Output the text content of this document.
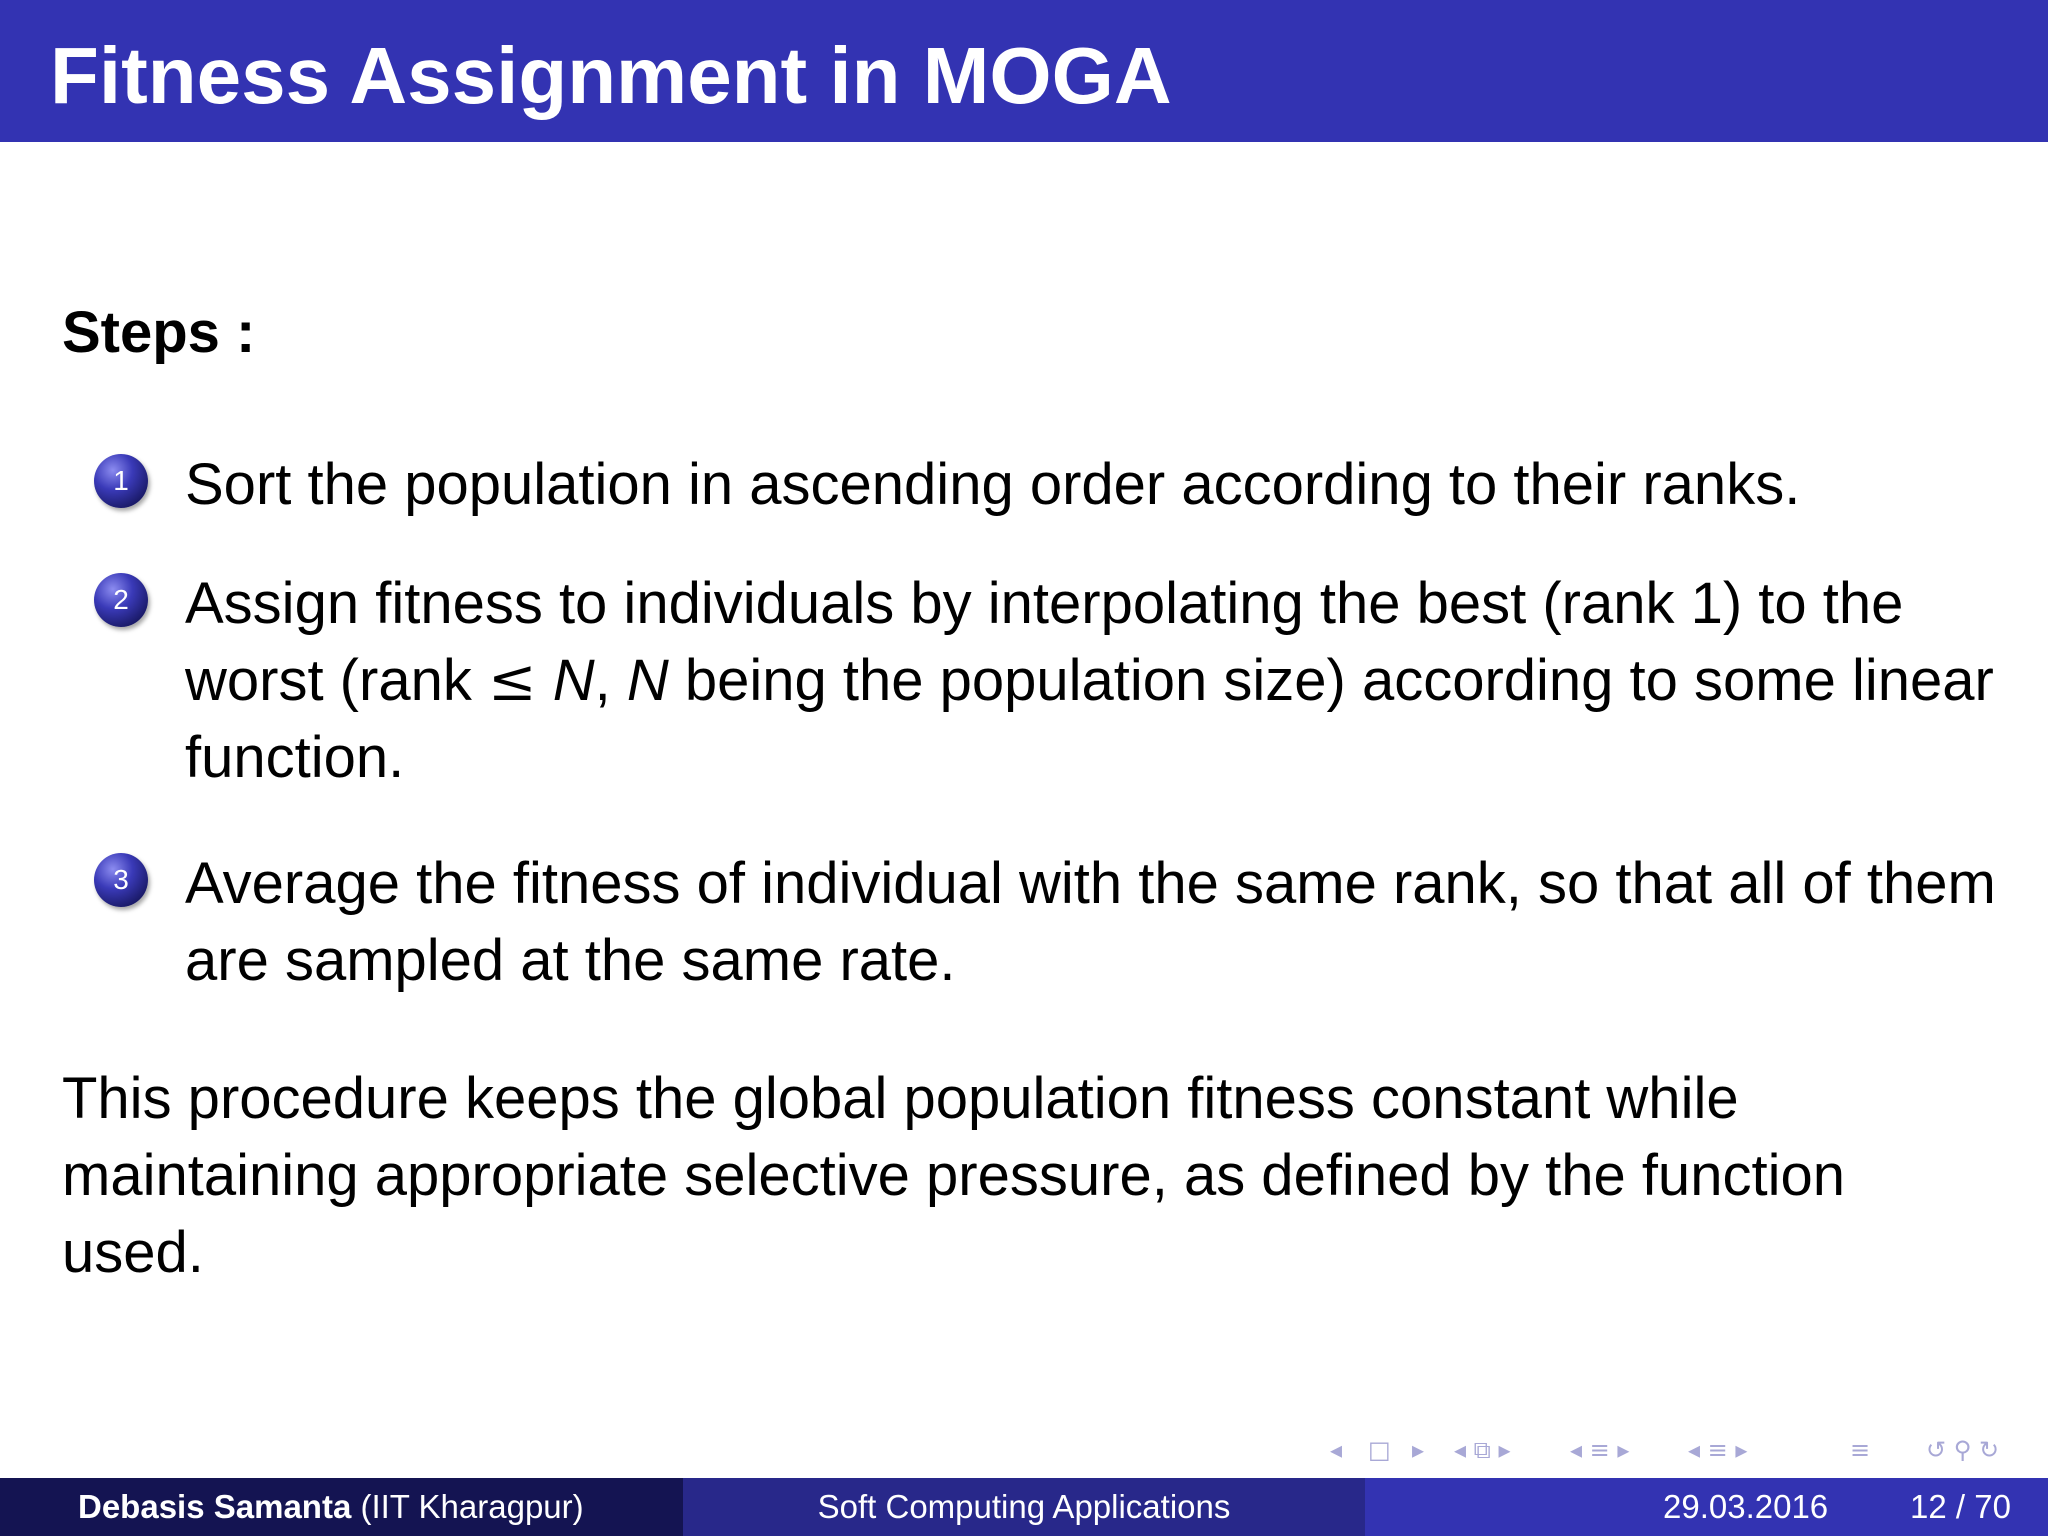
Fitness Assignment in MOGA
Steps :
1 Sort the population in ascending order according to their ranks.
2 Assign fitness to individuals by interpolating the best (rank 1) to the worst (rank ≤ N, N being the population size) according to some linear function.
3 Average the fitness of individual with the same rank, so that all of them are sampled at the same rate.
This procedure keeps the global population fitness constant while maintaining appropriate selective pressure, as defined by the function used.
◂ □ ▸ ◂ ⧉ ▸ ◂ ≡ ▸ ◂ ≡ ▸	≡ ↺ ⚲ ↻
Debasis Samanta (IIT Kharagpur)	Soft Computing Applications	29.03.2016 12 / 70
